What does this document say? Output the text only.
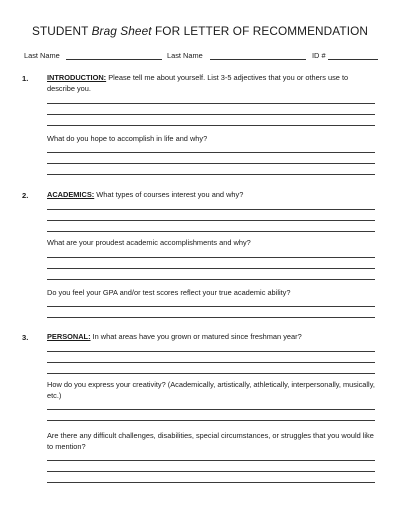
STUDENT Brag Sheet FOR LETTER OF RECOMMENDATION
Last Name	Last Name	ID #
1.	INTRODUCTION: Please tell me about yourself. List 3-5 adjectives that you or others use to describe you.
What do you hope to accomplish in life and why?
2.	ACADEMICS: What types of courses interest you and why?
What are your proudest academic accomplishments and why?
Do you feel your GPA and/or test scores reflect your true academic ability?
3.	PERSONAL: In what areas have you grown or matured since freshman year?
How do you express your creativity? (Academically, artistically, athletically, interpersonally, musically, etc.)
Are there any difficult challenges, disabilities, special circumstances, or struggles that you would like to mention?
